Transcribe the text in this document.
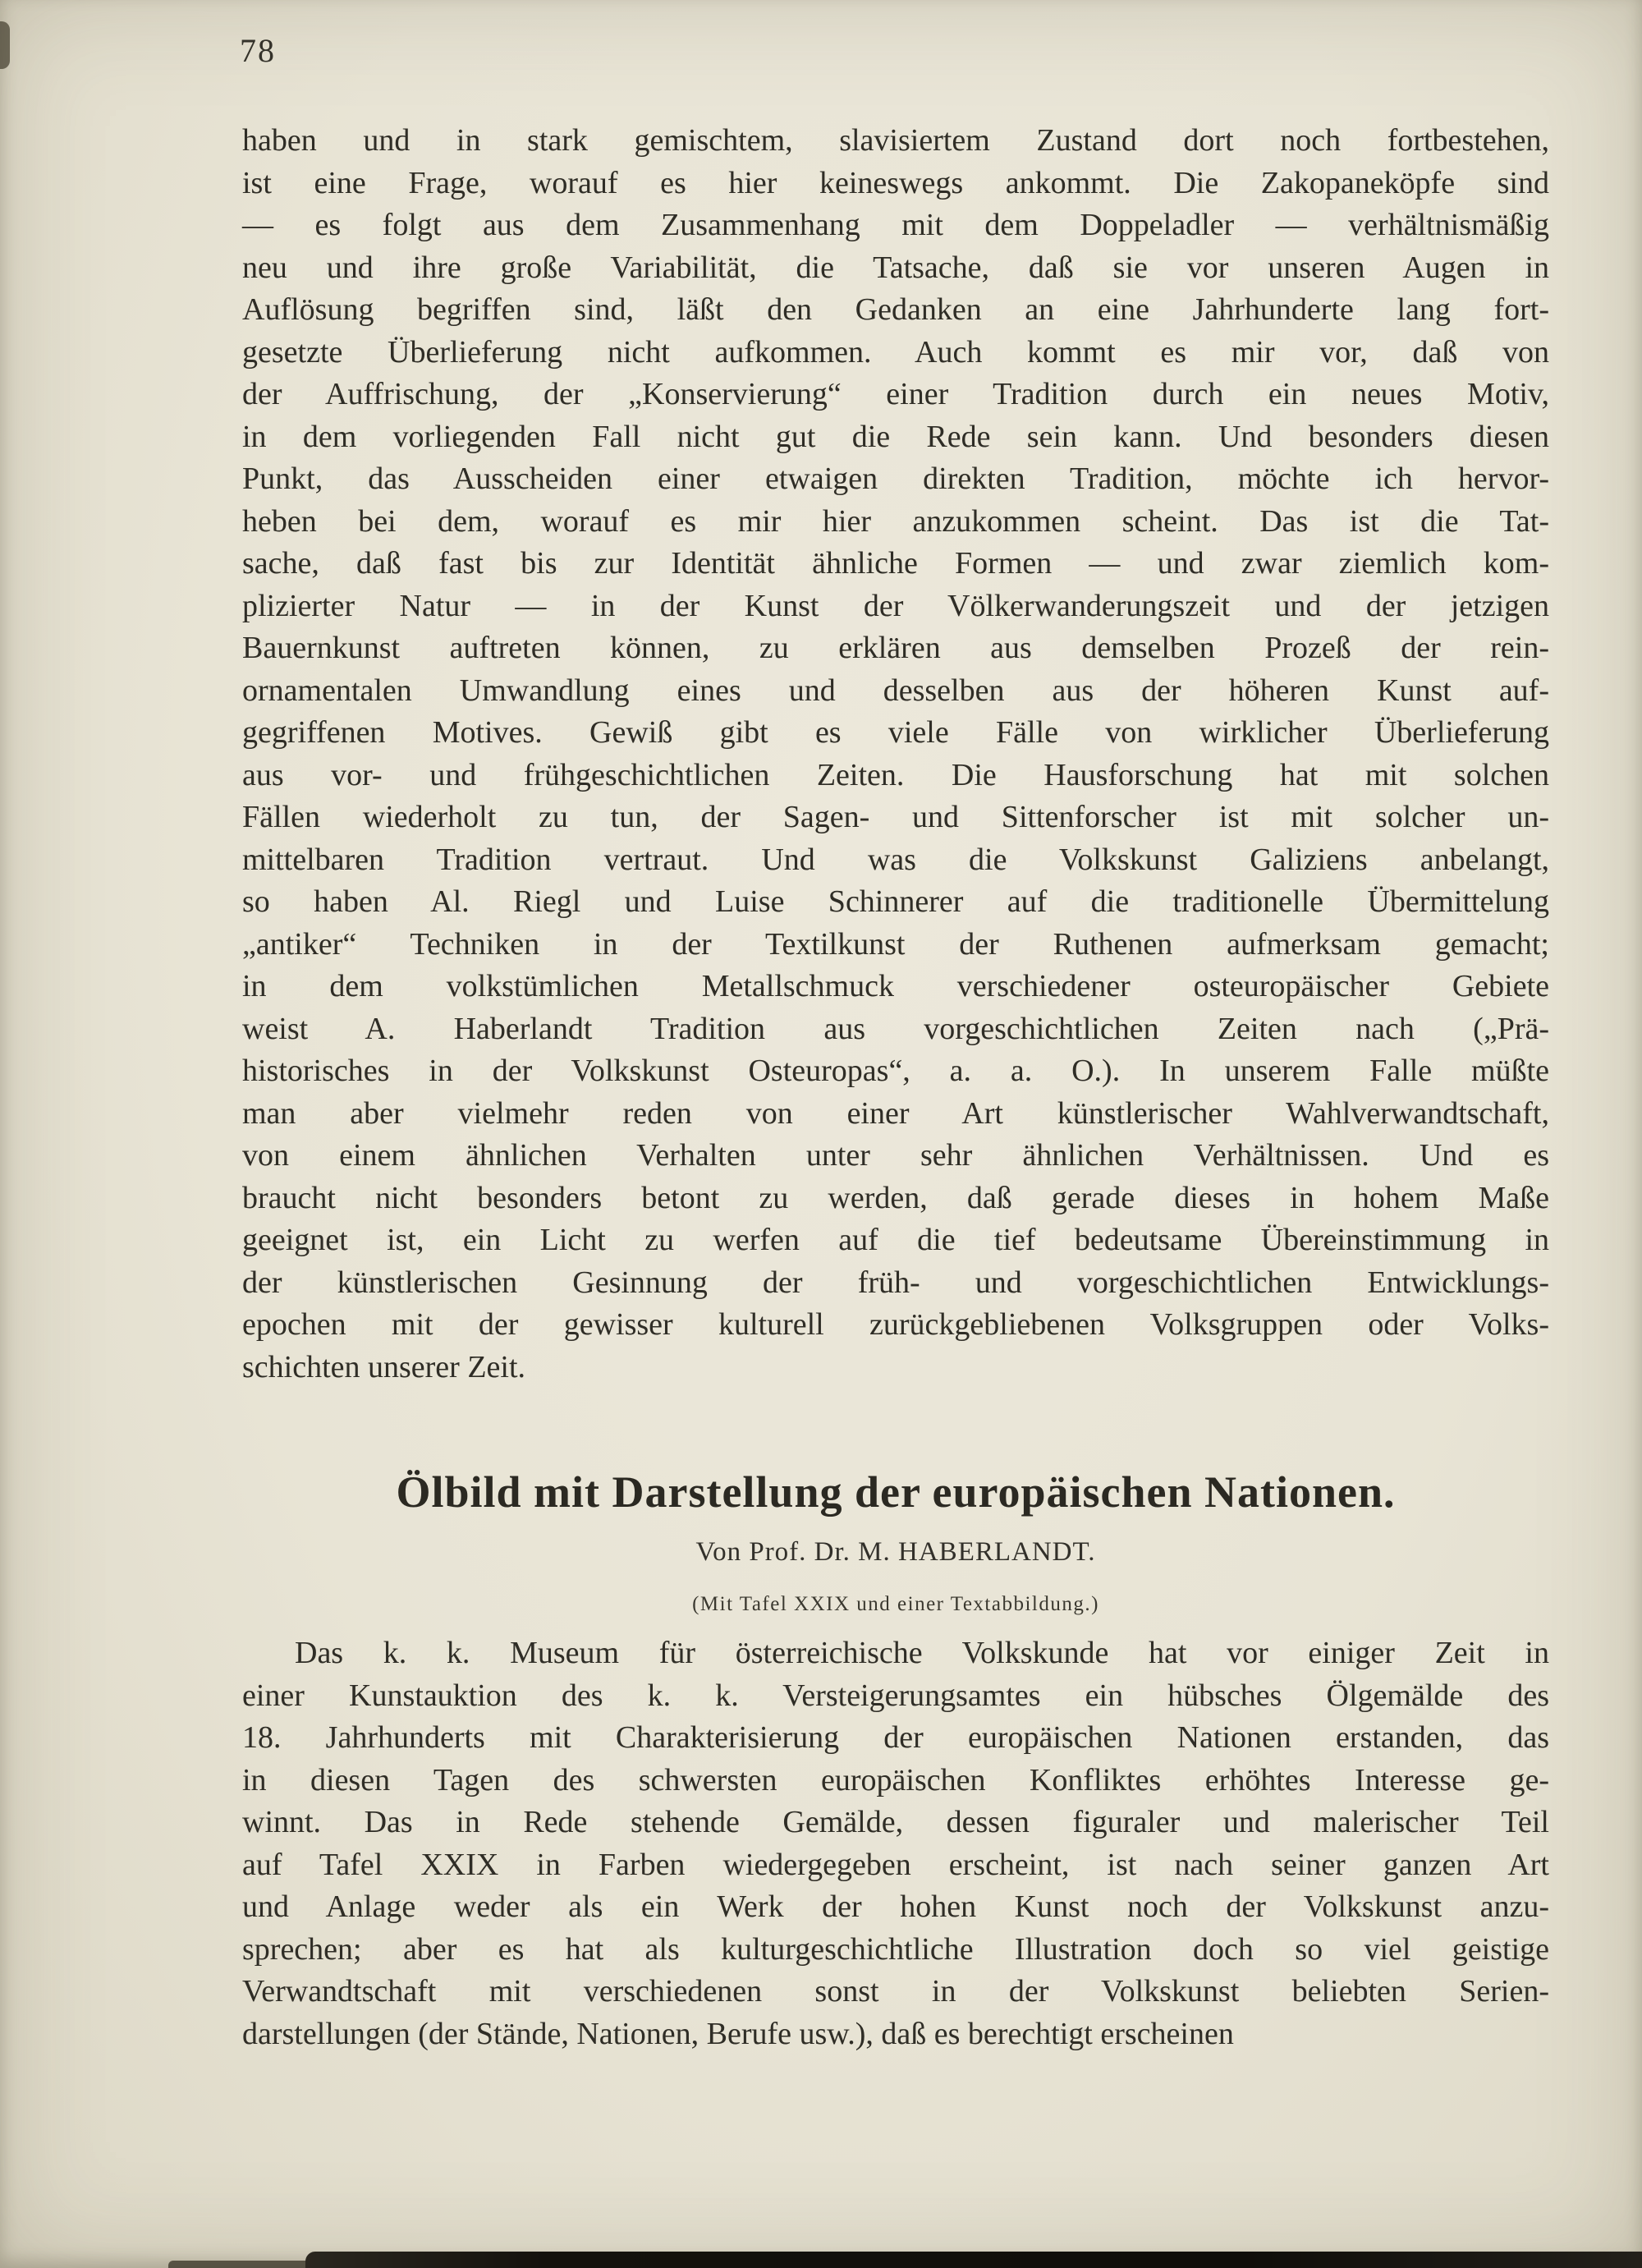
78
haben und in stark gemischtem, slavisiertem Zustand dort noch fortbestehen,
ist eine Frage, worauf es hier keineswegs ankommt. Die Zakopaneköpfe sind
— es folgt aus dem Zusammenhang mit dem Doppeladler — verhältnismäßig
neu und ihre große Variabilität, die Tatsache, daß sie vor unseren Augen in
Auflösung begriffen sind, läßt den Gedanken an eine Jahrhunderte lang fort-
gesetzte Überlieferung nicht aufkommen. Auch kommt es mir vor, daß von
der Auffrischung, der „Konservierung“ einer Tradition durch ein neues Motiv,
in dem vorliegenden Fall nicht gut die Rede sein kann. Und besonders diesen
Punkt, das Ausscheiden einer etwaigen direkten Tradition, möchte ich hervor-
heben bei dem, worauf es mir hier anzukommen scheint. Das ist die Tat-
sache, daß fast bis zur Identität ähnliche Formen — und zwar ziemlich kom-
plizierter Natur — in der Kunst der Völkerwanderungszeit und der jetzigen
Bauernkunst auftreten können, zu erklären aus demselben Prozeß der rein-
ornamentalen Umwandlung eines und desselben aus der höheren Kunst auf-
gegriffenen Motives. Gewiß gibt es viele Fälle von wirklicher Überlieferung
aus vor- und frühgeschichtlichen Zeiten. Die Hausforschung hat mit solchen
Fällen wiederholt zu tun, der Sagen- und Sittenforscher ist mit solcher un-
mittelbaren Tradition vertraut. Und was die Volkskunst Galiziens anbelangt,
so haben Al. Riegl und Luise Schinnerer auf die traditionelle Übermittelung
„antiker“ Techniken in der Textilkunst der Ruthenen aufmerksam gemacht;
in dem volkstümlichen Metallschmuck verschiedener osteuropäischer Gebiete
weist A. Haberlandt Tradition aus vorgeschichtlichen Zeiten nach („Prä-
historisches in der Volkskunst Osteuropas“, a. a. O.). In unserem Falle müßte
man aber vielmehr reden von einer Art künstlerischer Wahlverwandtschaft,
von einem ähnlichen Verhalten unter sehr ähnlichen Verhältnissen. Und es
braucht nicht besonders betont zu werden, daß gerade dieses in hohem Maße
geeignet ist, ein Licht zu werfen auf die tief bedeutsame Übereinstimmung in
der künstlerischen Gesinnung der früh- und vorgeschichtlichen Entwicklungs-
epochen mit der gewisser kulturell zurückgebliebenen Volksgruppen oder Volks-
schichten unserer Zeit.
Ölbild mit Darstellung der europäischen Nationen.
Von Prof. Dr. M. HABERLANDT.
(Mit Tafel XXIX und einer Textabbildung.)
Das k. k. Museum für österreichische Volkskunde hat vor einiger Zeit in
einer Kunstauktion des k. k. Versteigerungsamtes ein hübsches Ölgemälde des
18. Jahrhunderts mit Charakterisierung der europäischen Nationen erstanden, das
in diesen Tagen des schwersten europäischen Konfliktes erhöhtes Interesse ge-
winnt. Das in Rede stehende Gemälde, dessen figuraler und malerischer Teil
auf Tafel XXIX in Farben wiedergegeben erscheint, ist nach seiner ganzen Art
und Anlage weder als ein Werk der hohen Kunst noch der Volkskunst anzu-
sprechen; aber es hat als kulturgeschichtliche Illustration doch so viel geistige
Verwandtschaft mit verschiedenen sonst in der Volkskunst beliebten Serien-
darstellungen (der Stände, Nationen, Berufe usw.), daß es berechtigt erscheinen
